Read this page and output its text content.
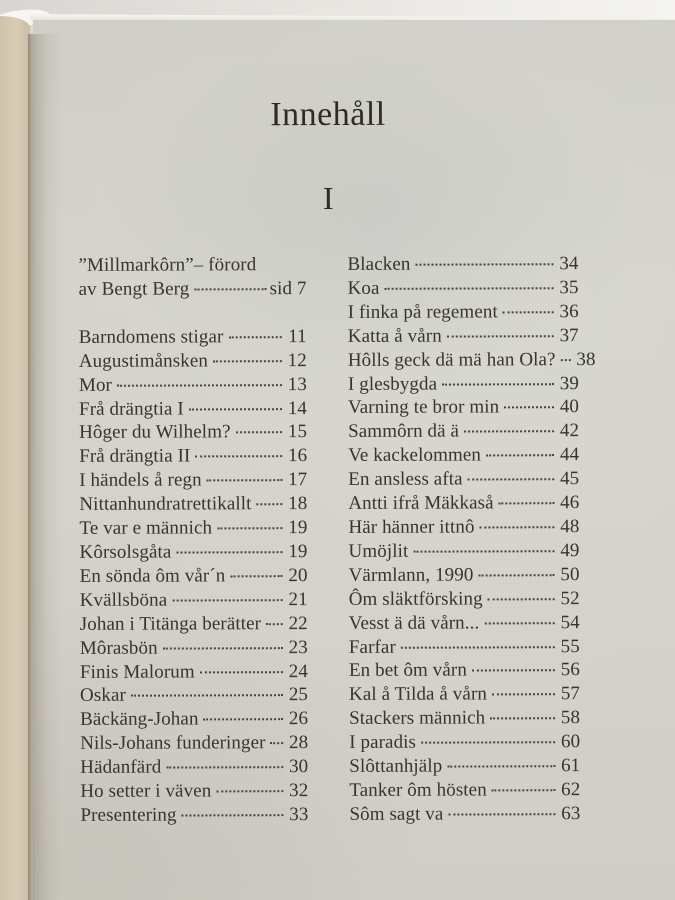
Innehåll
I
”Millmarkôrn”– förord
av Bengt Berg	sid 7
Barndomens stigar	11
Augustimånsken	12
Mor	13
Frå drängtia I	14
Hôger du Wilhelm?	15
Frå drängtia II	16
I händels å regn	17
Nittanhundratrettikallt 18
Te var e männich	19
Kôrsolsgåta	19
En sönda ôm vår´n	20
Kvällsböna	21
Johan i Titänga berätter 22
Môrasbön	23
Finis Malorum	24
Oskar	25
Bäckäng-Johan	26
Nils-Johans funderinger 28
Hädanfärd	30
Ho setter i väven	32
Presentering	33
Blacken	34
Koa	35
I finka på regement	36
Katta å vårn	37
Hôlls geck dä mä han Ola? 38
I glesbygda	39
Varning te bror min	40
Sammôrn dä ä	42
Ve kackelommen	44
En ansless afta	45
Antti ifrå Mäkkaså	46
Här hänner ittnô	48
Umöjlit	49
Värmlann, 1990	50
Ôm släktförsking	52
Vesst ä dä vårn...	54
Farfar	55
En bet ôm vårn	56
Kal å Tilda å vårn	57
Stackers männich	58
I paradis	60
Slôttanhjälp	61
Tanker ôm hösten	62
Sôm sagt va	63
